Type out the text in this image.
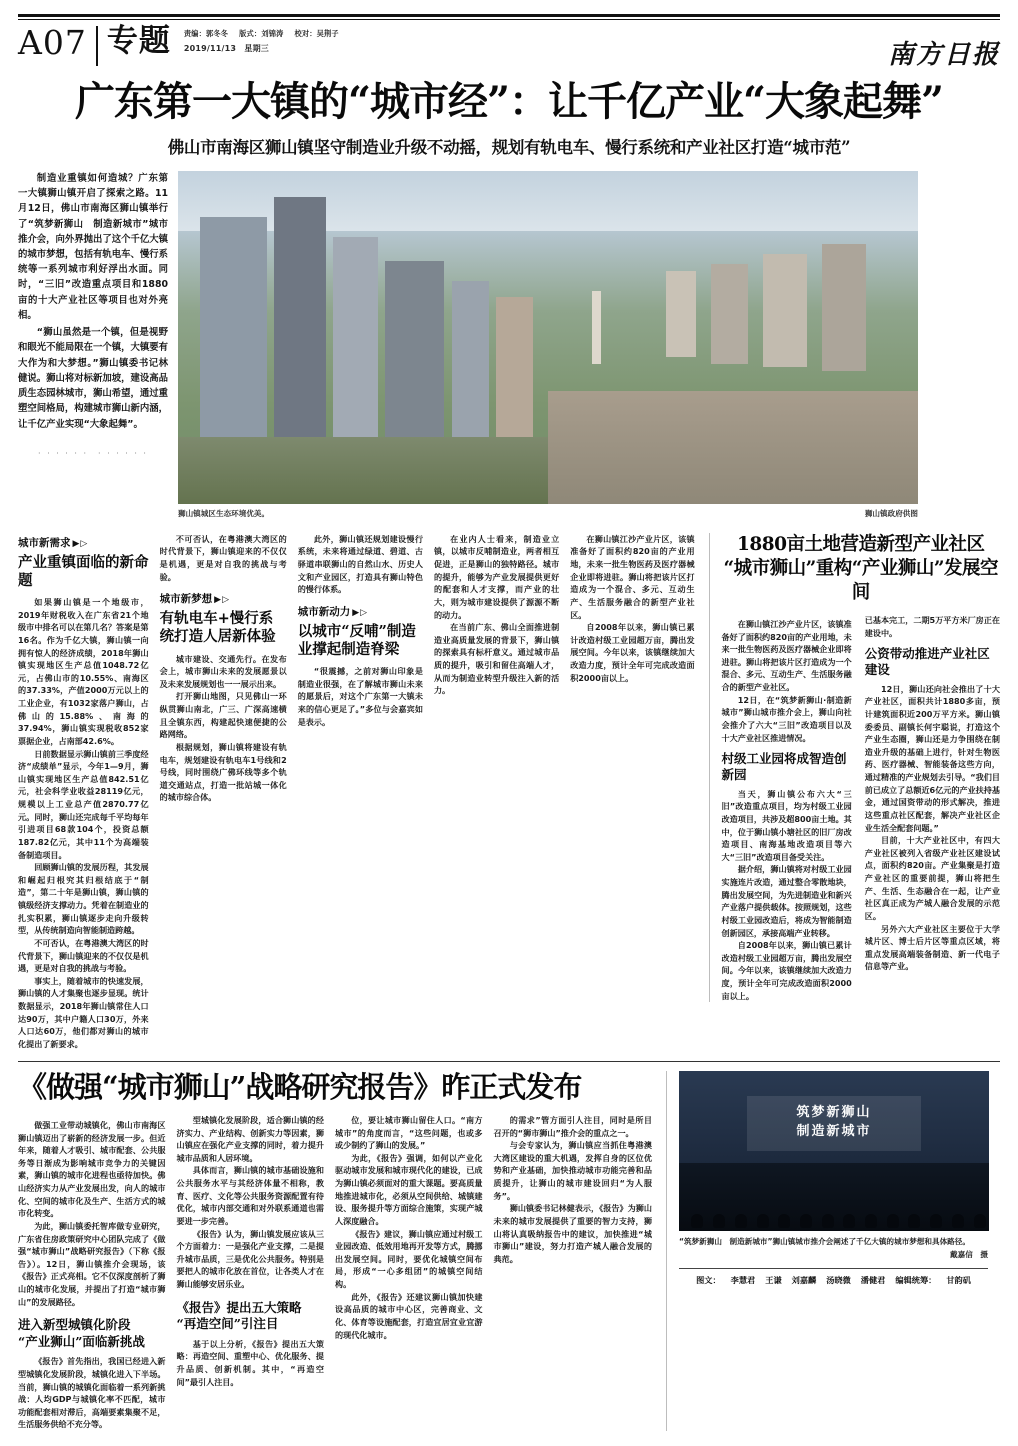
A07 专题 责编：郭冬冬 版式：刘锦涛 校对：吴荆子
2019/11/13　星期三	南方日报
广东第一大镇的“城市经”：让千亿产业“大象起舞”
佛山市南海区狮山镇坚守制造业升级不动摇，规划有轨电车、慢行系统和产业社区打造“城市范”

制造业重镇如何造城？广东第一大镇狮山镇开启了探索之路。11月12日，佛山市南海区狮山镇举行了“筑梦新狮山　制造新城市”城市推介会，向外界抛出了这个千亿大镇的城市梦想，包括有轨电车、慢行系统等一系列城市利好浮出水面。同时，“三旧”改造重点项目和1880亩的十大产业社区等项目也对外亮相。

“狮山虽然是一个镇，但是视野和眼光不能局限在一个镇，大镇要有大作为和大梦想。”狮山镇委书记林健说。狮山将对标新加坡，建设高品质生态园林城市，狮山希望，通过重塑空间格局，构建城市狮山新内涵，让千亿产业实现“大象起舞”。

· · · · · ·　· · · · · ·
狮山镇城区生态环境优美。	狮山镇政府供图
城市新需求 ▶▷
产业重镇面临的新命题

如果狮山镇是一个地级市，2019年财税收入在广东省21个地级市中排名可以在第几名？答案是第16名。作为千亿大镇，狮山镇一向拥有惊人的经济成绩，2018年狮山镇实现地区生产总值1048.72亿元，占佛山市的10.55%、南海区的37.33%，产值2000万元以上的工业企业，有1032家落户狮山，占佛山的15.88%、南海的37.94%，狮山镇实现税收852家票据企业，占南部42.6%。

日前数据显示狮山镇前三季度经济“成绩单”显示，今年1—9月，狮山镇实现地区生产总值842.51亿元，社会科学业收益28119亿元，规模以上工业总产值2870.77亿元。同时，狮山还完成每千平均每年引进项目68款104个，投资总额187.82亿元，其中11个为高端装备制造项目。

回顾狮山镇的发展历程，其发展和崛起归根究其归根结底于“制造”，第二十年是狮山镇，狮山镇的镇级经济支撑动力。凭着在制造业的扎实积累，狮山镇逐步走向升级转型，从传统制造向智能制造跨越。

不可否认，在粤港澳大湾区的时代背景下，狮山镇迎来的不仅仅是机遇，更是对自我的挑战与考验。

事实上，随着城市的快速发展，狮山镇的人才集聚也逐步显现。统计数据显示，2018年狮山镇常住人口达90万，其中户籍人口30万，外来人口达60万，他们都对狮山的城市化提出了新要求。

不可否认，在粤港澳大湾区的时代背景下，狮山镇迎来的不仅仅是机遇，更是对自我的挑战与考验。

城市新梦想 ▶▷
有轨电车+慢行系统打造人居新体验

城市建设、交通先行。在发布会上，城市狮山未来的发展愿景以及未来发展规划也一一展示出来。

打开狮山地图，只见佛山一环纵贯狮山南北，广三、广深高速横且全镇东西，构建起快速便捷的公路网络。

根据规划，狮山镇将建设有轨电车，规划建设有轨电车1号线和2号线，同时围绕广佛环线等多个轨道交通站点，打造一批站城一体化的城市综合体。

此外，狮山镇还规划建设慢行系统，未来将通过绿道、碧道、古驿道串联狮山的自然山水、历史人文和产业园区，打造具有狮山特色的慢行体系。

城市新动力 ▶▷
以城市“反哺”制造业撑起制造脊梁

“很震撼，之前对狮山印象是制造业很强，在了解城市狮山未来的愿景后，对这个广东第一大镇未来的信心更足了。”多位与会嘉宾如是表示。

在业内人士看来，制造业立镇，以城市反哺制造业，两者相互促进，正是狮山的独特路径。城市的提升，能够为产业发展提供更好的配套和人才支撑，而产业的壮大，则为城市建设提供了源源不断的动力。

在当前广东、佛山全面推进制造业高质量发展的背景下，狮山镇的探索具有标杆意义。通过城市品质的提升，吸引和留住高端人才，从而为制造业转型升级注入新的活力。

在狮山镇江沙产业片区，该镇准备好了面积约820亩的产业用地，未来一批生物医药及医疗器械企业即将进驻。狮山将把该片区打造成为一个混合、多元、互动生产、生活服务融合的新型产业社区。

自2008年以来，狮山镇已累计改造村级工业园超万亩，腾出发展空间。今年以来，该镇继续加大改造力度，预计全年可完成改造面积2000亩以上。

1880亩土地营造新型产业社区
“城市狮山”重构“产业狮山”发展空间

在狮山镇江沙产业片区，该镇准备好了面积约820亩的产业用地，未来一批生物医药及医疗器械企业即将进驻。狮山将把该片区打造成为一个混合、多元、互动生产、生活服务融合的新型产业社区。

12日，在“筑梦新狮山·制造新城市”狮山城市推介会上，狮山向社会推介了六大“三旧”改造项目以及十大产业社区推进情况。

村级工业园将成智造创新园

当天，狮山镇公布六大“三旧”改造重点项目，均为村级工业园改造项目，共涉及超800亩土地。其中，位于狮山镇小塘社区的旧厂房改造项目、南海基地改造项目等六大“三旧”改造项目备受关注。

据介绍，狮山镇将对村级工业园实施连片改造，通过整合零散地块，腾出发展空间，为先进制造业和新兴产业落户提供载体。按照规划，这些村级工业园改造后，将成为智能制造创新园区，承接高端产业转移。

自2008年以来，狮山镇已累计改造村级工业园超万亩，腾出发展空间。今年以来，该镇继续加大改造力度，预计全年可完成改造面积2000亩以上。

已基本完工，二期5万平方米厂房正在建设中。

公资带动推进产业社区建设

12日，狮山还向社会推出了十大产业社区，面积共计1880多亩，预计建筑面积近200万平方米。狮山镇委委员、副镇长何宇聪说，打造这个产业生态圈，狮山还是力争围绕在制造业升级的基础上进行，针对生物医药、医疗器械、智能装备这些方向，通过精准的产业规划去引导。“我们目前已成立了总额近6亿元的产业扶持基金，通过国资带动的形式解决，推进这些重点社区配套，解决产业社区企业生活全配套问题。”

目前，十大产业社区中，有四大产业社区被列入省级产业社区建设试点，面积约820亩。产业集聚是打造产业社区的重要前提，狮山将把生产、生活、生态融合在一起，让产业社区真正成为产城人融合发展的示范区。

另外六大产业社区主要位于大学城片区、博士后片区等重点区域，将重点发展高端装备制造、新一代电子信息等产业。

《做强“城市狮山”战略研究报告》昨正式发布

做强工业带动城镇化，佛山市南海区狮山镇迈出了崭新的经济发展一步。但近年来，随着人才吸引、城市配套、公共服务等日渐成为影响城市竞争力的关键因素，狮山镇的城市化进程也亟待加快。佛山经济实力从产业发展出发，向人的城市化、空间的城市化及生产、生活方式的城市化转变。

为此，狮山镇委托智库做专业研究，广东省住房政策研究中心团队完成了《做强“城市狮山”战略研究报告》（下称《报告》）。12日，狮山镇推介会现场，该《报告》正式亮相。它不仅深度剖析了狮山的城市化发展，并提出了打造“城市狮山”的发展路径。

进入新型城镇化阶段
“产业狮山”面临新挑战

《报告》首先指出，我国已经进入新型城镇化发展阶段，城镇化进入下半场。当前，狮山镇的城镇化面临着一系列新挑战：人均GDP与城镇化率不匹配，城市功能配套相对滞后，高端要素集聚不足，生活服务供给不充分等。

型城镇化发展阶段，适合狮山镇的经济实力、产业结构、创新实力等因素，狮山镇应在强化产业支撑的同时，着力提升城市品质和人居环境。

具体而言，狮山镇的城市基础设施和公共服务水平与其经济体量不相称，教育、医疗、文化等公共服务资源配置有待优化，城市内部交通和对外联系通道也需要进一步完善。

《报告》认为，狮山镇发展应该从三个方面着力：一是强化产业支撑，二是提升城市品质，三是优化公共服务。特别是要把人的城市化放在首位，让各类人才在狮山能够安居乐业。

《报告》提出五大策略
“再造空间”引注目

基于以上分析，《报告》提出五大策略：再造空间、重塑中心、优化服务、提升品质、创新机制。其中，“再造空间”最引人注目。

位，要让城市狮山留住人口。“南方城市”的角度而言，“这些问题，也或多或少制约了狮山的发展。”

为此，《报告》强调，如何以产业化驱动城市发展和城市现代化的建设，已成为狮山镇必须面对的重大课题。要高质量地推进城市化，必须从空间供给、城镇建设、服务提升等方面综合施策，实现产城人深度融合。

《报告》建议，狮山镇应通过村级工业园改造、低效用地再开发等方式，腾挪出发展空间。同时，要优化城镇空间布局，形成“一心多组团”的城镇空间结构。

此外，《报告》还建议狮山镇加快建设高品质的城市中心区，完善商业、文化、体育等设施配套，打造宜居宜业宜游的现代化城市。

的需求”管方面引人注目，同时是所目召开的“狮市狮山”推介会的重点之一。

与会专家认为，狮山镇应当抓住粤港澳大湾区建设的重大机遇，发挥自身的区位优势和产业基础，加快推动城市功能完善和品质提升，让狮山的城市建设回归“为人服务”。

狮山镇委书记林健表示，《报告》为狮山未来的城市发展提供了重要的智力支持，狮山将认真吸纳报告中的建议，加快推进“城市狮山”建设，努力打造产城人融合发展的典范。

筑梦新狮山
制造新城市
“筑梦新狮山　制造新城市”狮山镇城市推介会阐述了千亿大镇的城市梦想和具体路径。
戴嘉信　摄
图文： 李慧君 王谦 刘嘉麟 汤晓微 潘健君 编辑统筹： 甘韵矶
